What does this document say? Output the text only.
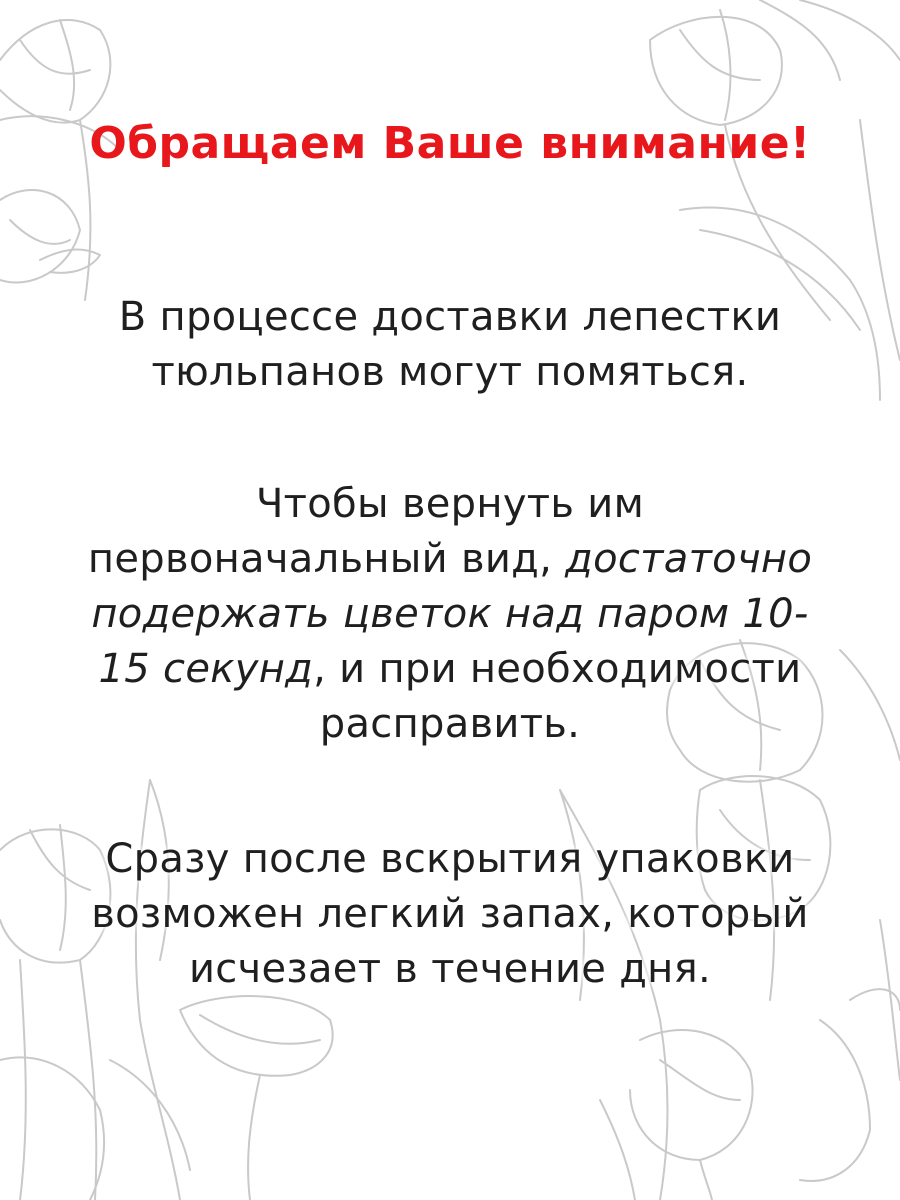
Обращаем Ваше внимание!
В процессе доставки лепестки
тюльпанов могут помяться.
Чтобы вернуть им
первоначальный вид, достаточно
подержать цветок над паром 10-
15 секунд, и при необходимости
расправить.
Сразу после вскрытия упаковки
возможен легкий запах, который
исчезает в течение дня.
